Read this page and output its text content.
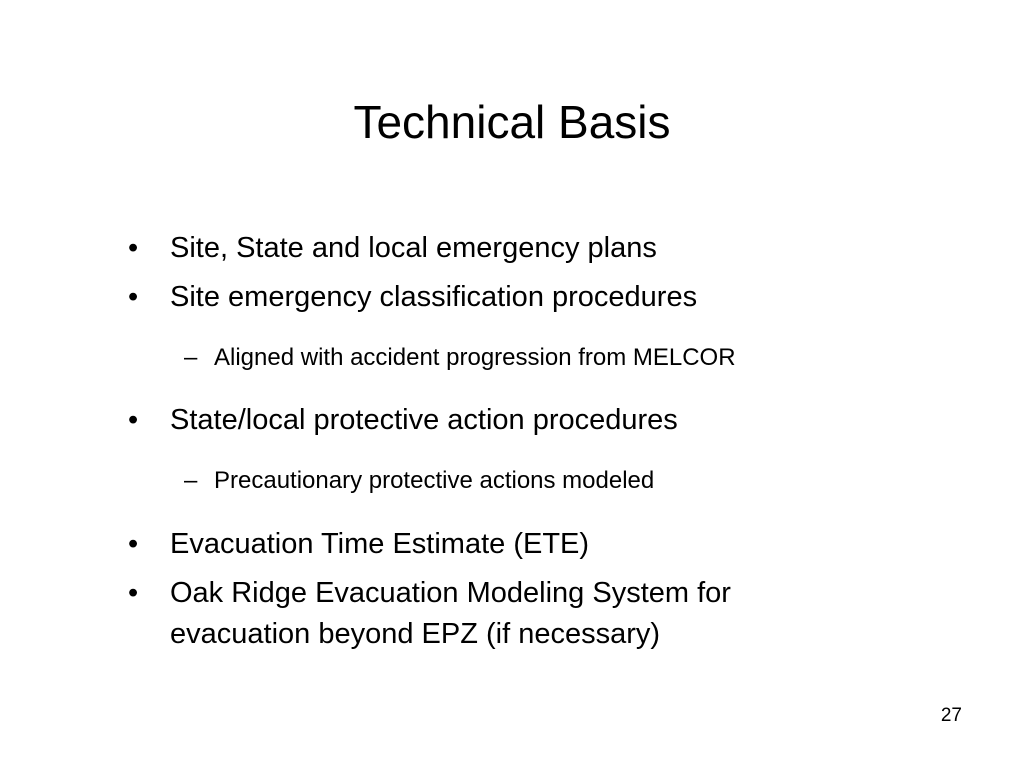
Technical Basis
• Site, State and local emergency plans
• Site emergency classification procedures
– Aligned with accident progression from MELCOR
• State/local protective action procedures
– Precautionary protective actions modeled
• Evacuation Time Estimate (ETE)
• Oak Ridge Evacuation Modeling System for evacuation beyond EPZ (if necessary)
27
